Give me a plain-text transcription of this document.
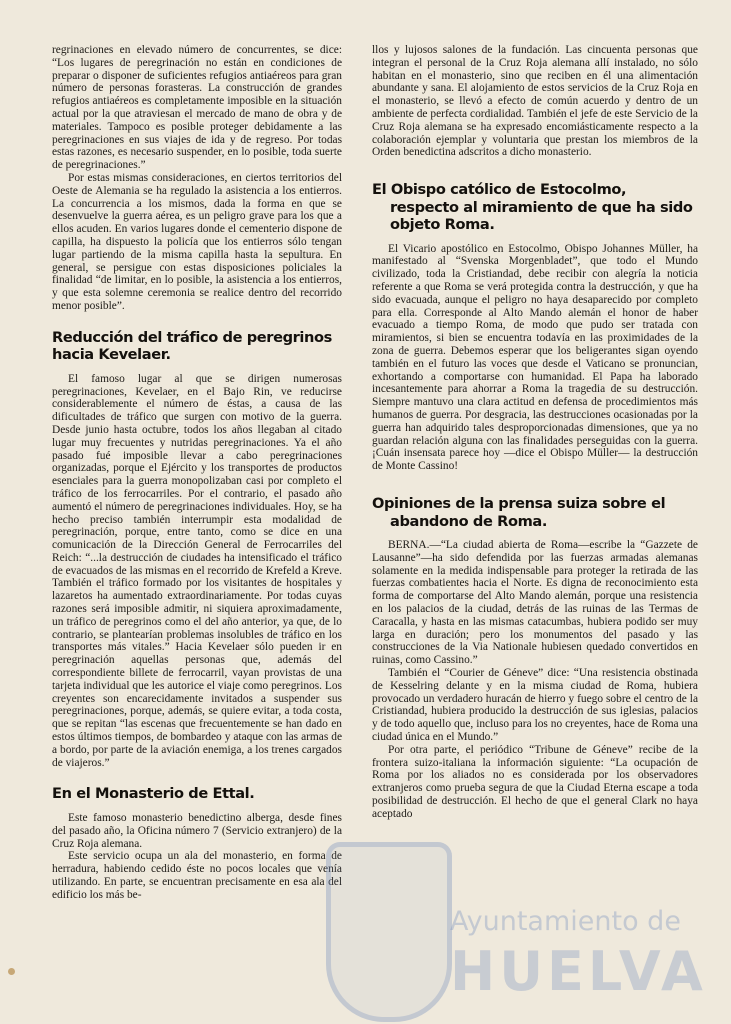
regrinaciones en elevado número de concurrentes, se dice: “Los lugares de peregrinación no están en condiciones de preparar o disponer de suficientes refugios antiaéreos para gran número de personas forasteras. La construcción de grandes refugios antiaéreos es completamente imposible en la situación actual por la que atraviesan el mercado de mano de obra y de materiales. Tampoco es posible proteger debidamente a las peregrinaciones en sus viajes de ida y de regreso. Por todas estas razones, es necesario suspender, en lo posible, toda suerte de peregrinaciones.”

Por estas mismas consideraciones, en ciertos territorios del Oeste de Alemania se ha regulado la asistencia a los entierros. La concurrencia a los mismos, dada la forma en que se desenvuelve la guerra aérea, es un peligro grave para los que a ellos acuden. En varios lugares donde el cementerio dispone de capilla, ha dispuesto la policía que los entierros sólo tengan lugar partiendo de la misma capilla hasta la sepultura. En general, se persigue con estas disposiciones policiales la finalidad “de limitar, en lo posible, la asistencia a los entierros, y que esta solemne ceremonia se realice dentro del recorrido menor posible”.

Reducción del tráfico de peregrinos hacia Kevelaer.

El famoso lugar al que se dirigen numerosas peregrinaciones, Kevelaer, en el Bajo Rin, ve reducirse considerablemente el número de éstas, a causa de las dificultades de tráfico que surgen con motivo de la guerra. Desde junio hasta octubre, todos los años llegaban al citado lugar muy frecuentes y nutridas peregrinaciones. Ya el año pasado fué imposible llevar a cabo peregrinaciones organizadas, porque el Ejército y los transportes de productos esenciales para la guerra monopolizaban casi por completo el tráfico de los ferrocarriles. Por el contrario, el pasado año aumentó el número de peregrinaciones individuales. Hoy, se ha hecho preciso también interrumpir esta modalidad de peregrinación, porque, entre tanto, como se dice en una comunicación de la Dirección General de Ferrocarriles del Reich: “...la destrucción de ciudades ha intensificado el tráfico de evacuados de las mismas en el recorrido de Krefeld a Kreve. También el tráfico formado por los visitantes de hospitales y lazaretos ha aumentado extraordinariamente. Por todas cuyas razones será imposible admitir, ni siquiera aproximadamente, un tráfico de peregrinos como el del año anterior, ya que, de lo contrario, se plantearían problemas insolubles de tráfico en los transportes más vitales.” Hacia Kevelaer sólo pueden ir en peregrinación aquellas personas que, además del correspondiente billete de ferrocarril, vayan provistas de una tarjeta individual que les autorice el viaje como peregrinos. Los creyentes son encarecidamente invitados a suspender sus peregrinaciones, porque, además, se quiere evitar, a toda costa, que se repitan “las escenas que frecuentemente se han dado en estos últimos tiempos, de bombardeo y ataque con las armas de a bordo, por parte de la aviación enemiga, a los trenes cargados de viajeros.”

En el Monasterio de Ettal.

Este famoso monasterio benedictino alberga, desde fines del pasado año, la Oficina número 7 (Servicio extranjero) de la Cruz Roja alemana.

Este servicio ocupa un ala del monasterio, en forma de herradura, habiendo cedido éste no pocos locales que venía utilizando. En parte, se encuentran precisamente en esa ala del edificio los más be-

llos y lujosos salones de la fundación. Las cincuenta personas que integran el personal de la Cruz Roja alemana allí instalado, no sólo habitan en el monasterio, sino que reciben en él una alimentación abundante y sana. El alojamiento de estos servicios de la Cruz Roja en el monasterio, se llevó a efecto de común acuerdo y dentro de un ambiente de perfecta cordialidad. También el jefe de este Servicio de la Cruz Roja alemana se ha expresado encomiásticamente respecto a la colaboración ejemplar y voluntaria que prestan los miembros de la Orden benedictina adscritos a dicho monasterio.

El Obispo católico de Estocolmo, respecto al miramiento de que ha sido objeto Roma.

El Vicario apostólico en Estocolmo, Obispo Johannes Müller, ha manifestado al “Svenska Morgenbladet”, que todo el Mundo civilizado, toda la Cristiandad, debe recibir con alegría la noticia referente a que Roma se verá protegida contra la destrucción, y que ha sido evacuada, aunque el peligro no haya desaparecido por completo para ella. Corresponde al Alto Mando alemán el honor de haber evacuado a tiempo Roma, de modo que pudo ser tratada con miramientos, si bien se encuentra todavía en las proximidades de la zona de guerra. Debemos esperar que los beligerantes sigan oyendo también en el futuro las voces que desde el Vaticano se pronuncian, exhortando a comportarse con humanidad. El Papa ha laborado incesantemente para ahorrar a Roma la tragedia de su destrucción. Siempre mantuvo una clara actitud en defensa de procedimientos más humanos de guerra. Por desgracia, las destrucciones ocasionadas por la guerra han adquirido tales desproporcionadas dimensiones, que ya no guardan relación alguna con las finalidades perseguidas con la guerra. ¡Cuán insensata parece hoy —dice el Obispo Müller— la destrucción de Monte Cassino!

Opiniones de la prensa suiza sobre el abandono de Roma.

BERNA.—“La ciudad abierta de Roma—escribe la “Gazzete de Lausanne”—ha sido defendida por las fuerzas armadas alemanas solamente en la medida indispensable para proteger la retirada de las fuerzas combatientes hacia el Norte. Es digna de reconocimiento esta forma de comportarse del Alto Mando alemán, porque una resistencia en los palacios de la ciudad, detrás de las ruinas de las Termas de Caracalla, y hasta en las mismas catacumbas, hubiera podido ser muy larga en duración; pero los monumentos del pasado y las construcciones de la Via Nationale hubiesen quedado convertidos en ruinas, como Cassino.”

También el “Courier de Géneve” dice: “Una resistencia obstinada de Kesselring delante y en la misma ciudad de Roma, hubiera provocado un verdadero huracán de hierro y fuego sobre el centro de la Cristiandad, hubiera producido la destrucción de sus iglesias, palacios y de todo aquello que, incluso para los no creyentes, hace de Roma una ciudad única en el Mundo.”

Por otra parte, el periódico “Tribune de Géneve” recibe de la frontera suizo-italiana la información siguiente: “La ocupación de Roma por los aliados no es considerada por los observadores extranjeros como prueba segura de que la Ciudad Eterna escape a toda posibilidad de destrucción. El hecho de que el general Clark no haya aceptado

Ayuntamiento de
HUELVA
